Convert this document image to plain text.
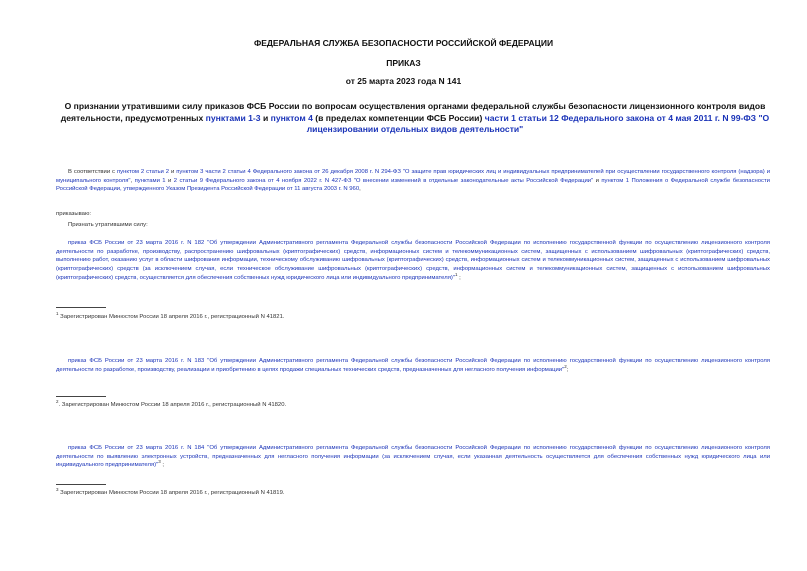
ФЕДЕРАЛЬНАЯ СЛУЖБА БЕЗОПАСНОСТИ РОССИЙСКОЙ ФЕДЕРАЦИИ
ПРИКАЗ
от 25 марта 2023 года N 141
О признании утратившими силу приказов ФСБ России по вопросам осуществления органами федеральной службы безопасности лицензионного контроля видов деятельности, предусмотренных пунктами 1-3 и пунктом 4 (в пределах компетенции ФСБ России) части 1 статьи 12 Федерального закона от 4 мая 2011 г. N 99-ФЗ "О лицензировании отдельных видов деятельности"
В соответствии с пунктом 2 статьи 2 и пунктом 3 части 2 статьи 4 Федерального закона от 26 декабря 2008 г. N 294-ФЗ "О защите прав юридических лиц и индивидуальных предпринимателей при осуществлении государственного контроля (надзора) и муниципального контроля", пунктами 1 и 2 статьи 9 Федерального закона от 4 ноября 2022 г. N 427-ФЗ "О внесении изменений в отдельные законодательные акты Российской Федерации" и пунктом 1 Положения о Федеральной службе безопасности Российской Федерации, утвержденного Указом Президента Российской Федерации от 11 августа 2003 г. N 960,
приказываю:
Признать утратившими силу:
приказ ФСБ России от 23 марта 2016 г. N 182 "Об утверждении Административного регламента Федеральной службы безопасности Российской Федерации по исполнению государственной функции по осуществлению лицензионного контроля деятельности по разработке, производству, распространению шифровальных (криптографических) средств, информационных систем и телекоммуникационных систем, защищенных с использованием шифровальных (криптографических) средств, выполнению работ, оказанию услуг в области шифрования информации, техническому обслуживанию шифровальных (криптографических) средств, информационных систем и телекоммуникационных систем, защищенных с использованием шифровальных (криптографических) средств (за исключением случая, если техническое обслуживание шифровальных (криптографических) средств, информационных систем и телекоммуникационных систем, защищенных с использованием шифровальных (криптографических) средств, осуществляется для обеспечения собственных нужд юридического лица или индивидуального предпринимателя)"$^1$ ;
$^1$ Зарегистрирован Минюстом России 18 апреля 2016 г., регистрационный N 41821.
приказ ФСБ России от 23 марта 2016 г. N 183 "Об утверждении Административного регламента Федеральной службы безопасности Российской Федерации по исполнению государственной функции по осуществлению лицензионного контроля деятельности по разработке, производству, реализации и приобретению в целях продажи специальных технических средств, предназначенных для негласного получения информации"$^2$;
$^2$. Зарегистрирован Минюстом России 18 апреля 2016 г., регистрационный N 41820.
приказ ФСБ России от 23 марта 2016 г. N 184 "Об утверждении Административного регламента Федеральной службы безопасности Российской Федерации по исполнению государственной функции по осуществлению лицензионного контроля деятельности по выявлению электронных устройств, предназначенных для негласного получения информации (за исключением случая, если указанная деятельность осуществляется для обеспечения собственных нужд юридического лица или индивидуального предпринимателя)"$^3$ ;
$^3$ Зарегистрирован Минюстом России 18 апреля 2016 г., регистрационный N 41819.
